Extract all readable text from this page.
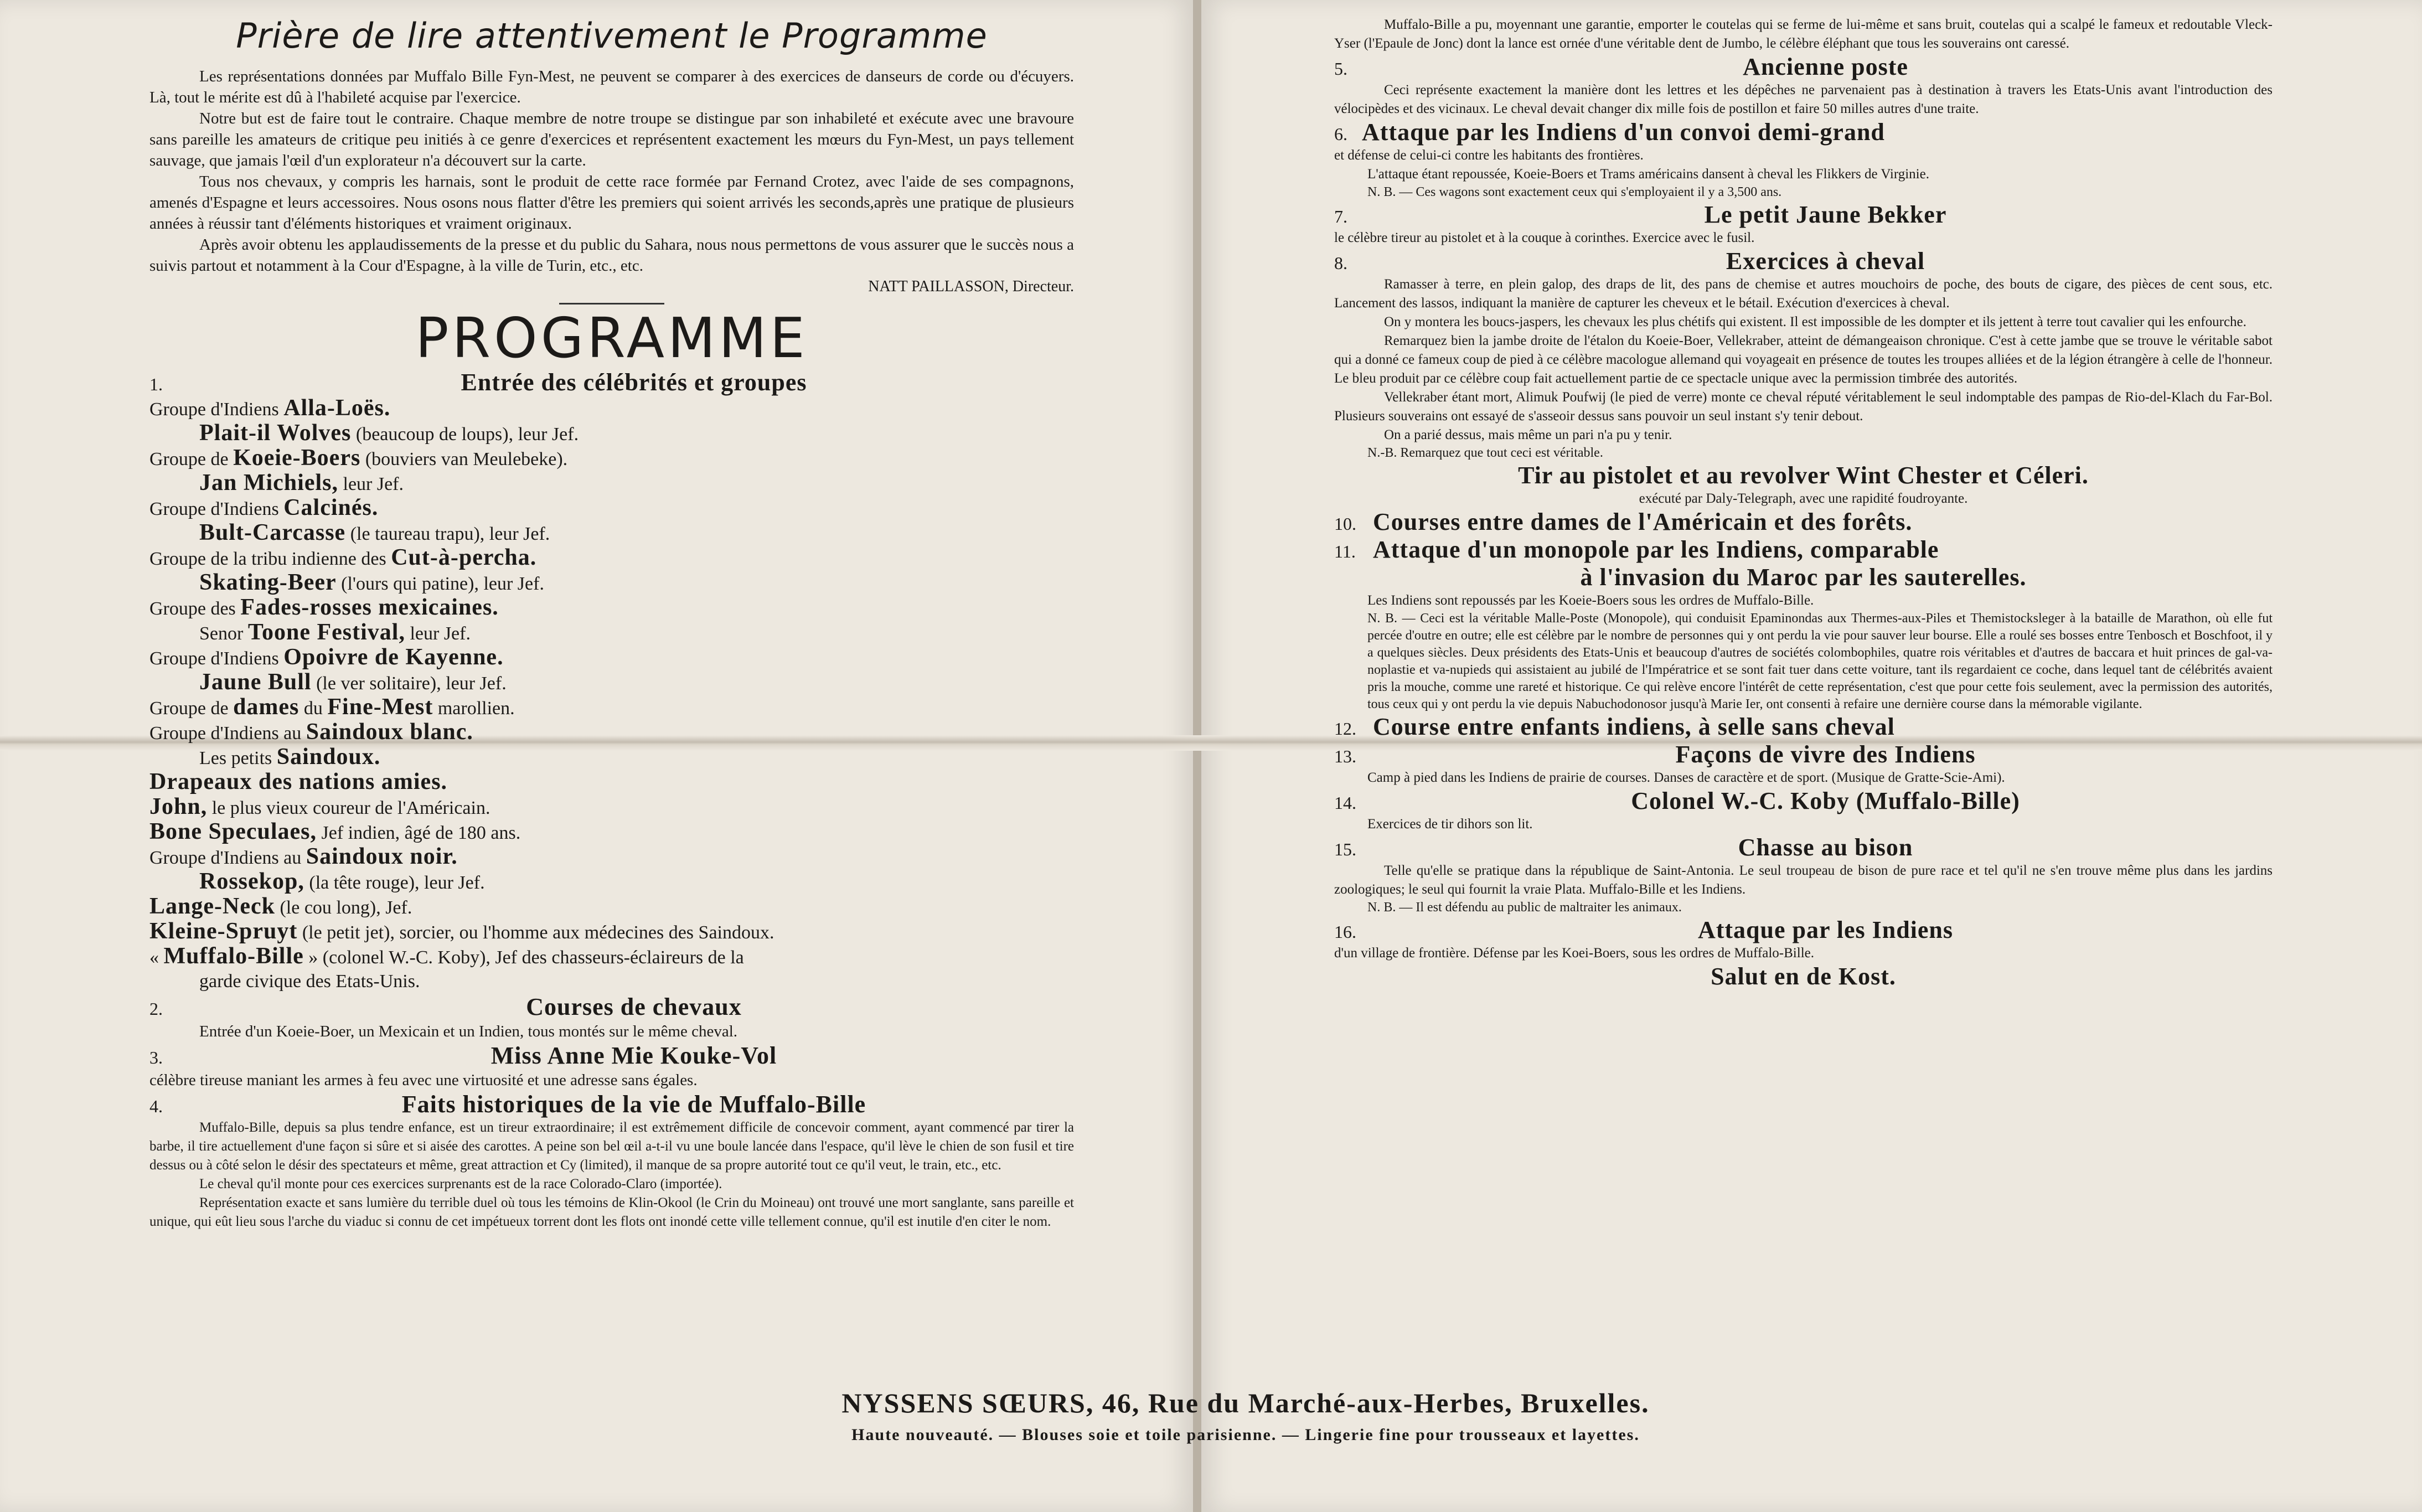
Prière de lire attentivement le Programme

Les représentations données par Muffalo Bille Fyn-Mest, ne peuvent se comparer à des exercices de danseurs de corde ou d'écuyers. Là, tout le mérite est dû à l'habileté acquise par l'exercice.

Notre but est de faire tout le contraire. Chaque membre de notre troupe se distingue par son inhabileté et exécute avec une bravoure sans pareille les amateurs de critique peu initiés à ce genre d'exercices et représentent exactement les mœurs du Fyn-Mest, un pays tellement sauvage, que jamais l'œil d'un explorateur n'a découvert sur la carte.

Tous nos chevaux, y compris les harnais, sont le produit de cette race formée par Fernand Crotez, avec l'aide de ses compagnons, amenés d'Espagne et leurs accessoires. Nous osons nous flatter d'être les premiers qui soient arrivés les seconds,après une pratique de plusieurs années à réussir tant d'éléments historiques et vraiment originaux.

Après avoir obtenu les applaudissements de la presse et du public du Sahara, nous nous permettons de vous assurer que le succès nous a suivis partout et notamment à la Cour d'Espagne, à la ville de Turin, etc., etc.

NATT PAILLASSON, Directeur.

PROGRAMME
1.	Entrée des célébrités et groupes
Groupe d'Indiens Alla-Loës.
Plait-il Wolves (beaucoup de loups), leur Jef.
Groupe de Koeie-Boers (bouviers van Meulebeke).
Jan Michiels, leur Jef.
Groupe d'Indiens Calcinés.
Bult-Carcasse (le taureau trapu), leur Jef.
Groupe de la tribu indienne des Cut-à-percha.
Skating-Beer (l'ours qui patine), leur Jef.
Groupe des Fades-rosses mexicaines.
Senor Toone Festival, leur Jef.
Groupe d'Indiens Opoivre de Kayenne.
Jaune Bull (le ver solitaire), leur Jef.
Groupe de dames du Fine-Mest marollien.
Groupe d'Indiens au Saindoux blanc.
Les petits Saindoux.
Drapeaux des nations amies.
John, le plus vieux coureur de l'Américain.
Bone Speculaes, Jef indien, âgé de 180 ans.
Groupe d'Indiens au Saindoux noir.
Rossekop, (la tête rouge), leur Jef.
Lange-Neck (le cou long), Jef.
Kleine-Spruyt (le petit jet), sorcier, ou l'homme aux médecines des Saindoux.
« Muffalo-Bille » (colonel W.-C. Koby), Jef des chasseurs-éclaireurs de la
garde civique des Etats-Unis.
2.	Courses de chevaux

Entrée d'un Koeie-Boer, un Mexicain et un Indien, tous montés sur le même cheval.

3.	Miss Anne Mie Kouke-Vol

célèbre tireuse maniant les armes à feu avec une virtuosité et une adresse sans égales.

4.	Faits historiques de la vie de Muffalo-Bille

Muffalo-Bille, depuis sa plus tendre enfance, est un tireur extraordinaire; il est extrêmement difficile de concevoir comment, ayant commencé par tirer la barbe, il tire actuellement d'une façon si sûre et si aisée des carottes. A peine son bel œil a-t-il vu une boule lancée dans l'espace, qu'il lève le chien de son fusil et tire dessus ou à côté selon le désir des spectateurs et même, great attraction et Cy (limited), il manque de sa propre autorité tout ce qu'il veut, le train, etc., etc.

Le cheval qu'il monte pour ces exercices surprenants est de la race Colorado-Claro (importée).

Représentation exacte et sans lumière du terrible duel où tous les témoins de Klin-Okool (le Crin du Moineau) ont trouvé une mort sanglante, sans pareille et unique, qui eût lieu sous l'arche du viaduc si connu de cet impétueux torrent dont les flots ont inondé cette ville tellement connue, qu'il est inutile d'en citer le nom.

Muffalo-Bille a pu, moyennant une garantie, emporter le coutelas qui se ferme de lui-même et sans bruit, coutelas qui a scalpé le fameux et redoutable Vleck-Yser (l'Epaule de Jonc) dont la lance est ornée d'une véritable dent de Jumbo, le célèbre éléphant que tous les souverains ont caressé.

5.	Ancienne poste

Ceci représente exactement la manière dont les lettres et les dépêches ne parvenaient pas à destination à travers les Etats-Unis avant l'introduction des vélocipèdes et des vicinaux. Le cheval devait changer dix mille fois de postillon et faire 50 milles autres d'une traite.

6. Attaque par les Indiens d'un convoi demi-grand

et défense de celui-ci contre les habitants des frontières.

L'attaque étant repoussée, Koeie-Boers et Trams américains dansent à cheval les Flikkers de Virginie.

N. B. — Ces wagons sont exactement ceux qui s'employaient il y a 3,500 ans.

7.	Le petit Jaune Bekker

le célèbre tireur au pistolet et à la couque à corinthes. Exercice avec le fusil.

8.	Exercices à cheval

Ramasser à terre, en plein galop, des draps de lit, des pans de chemise et autres mouchoirs de poche, des bouts de cigare, des pièces de cent sous, etc. Lancement des lassos, indiquant la manière de capturer les cheveux et le bétail. Exécution d'exercices à cheval.

On y montera les boucs-jaspers, les chevaux les plus chétifs qui existent. Il est impossible de les dompter et ils jettent à terre tout cavalier qui les enfourche.

Remarquez bien la jambe droite de l'étalon du Koeie-Boer, Vellekraber, atteint de démangeaison chronique. C'est à cette jambe que se trouve le véritable sabot qui a donné ce fameux coup de pied à ce célèbre macologue allemand qui voyageait en présence de toutes les troupes alliées et de la légion étrangère à celle de l'honneur. Le bleu produit par ce célèbre coup fait actuellement partie de ce spectacle unique avec la permission timbrée des autorités.

Vellekraber étant mort, Alimuk Poufwij (le pied de verre) monte ce cheval réputé véritablement le seul indomptable des pampas de Rio-del-Klach du Far-Bol. Plusieurs souverains ont essayé de s'asseoir dessus sans pouvoir un seul instant s'y tenir debout.

On a parié dessus, mais même un pari n'a pu y tenir.

N.-B. Remarquez que tout ceci est véritable.

Tir au pistolet et au revolver Wint Chester et Céleri.

exécuté par Daly-Telegraph, avec une rapidité foudroyante.

10. Courses entre dames de l'Américain et des forêts.
11. Attaque d'un monopole par les Indiens, comparable
à l'invasion du Maroc par les sauterelles.

Les Indiens sont repoussés par les Koeie-Boers sous les ordres de Muffalo-Bille.

N. B. — Ceci est la véritable Malle-Poste (Monopole), qui conduisit Epaminondas aux Thermes-aux-Piles et Themistocksleger à la bataille de Marathon, où elle fut percée d'outre en outre; elle est célèbre par le nombre de personnes qui y ont perdu la vie pour sauver leur bourse. Elle a roulé ses bosses entre Tenbosch et Boschfoot, il y a quelques siècles. Deux présidents des Etats-Unis et beaucoup d'autres de sociétés colombophiles, quatre rois véritables et d'autres de baccara et huit princes de gal-va-noplastie et va-nupieds qui assistaient au jubilé de l'Impératrice et se sont fait tuer dans cette voiture, tant ils regardaient ce coche, dans lequel tant de célébrités avaient pris la mouche, comme une rareté et historique. Ce qui relève encore l'intérêt de cette représentation, c'est que pour cette fois seulement, avec la permission des autorités, tous ceux qui y ont perdu la vie depuis Nabuchodonosor jusqu'à Marie Ier, ont consenti à refaire une dernière course dans la mémorable vigilante.

12. Course entre enfants indiens, à selle sans cheval
13.	Façons de vivre des Indiens

Camp à pied dans les Indiens de prairie de courses. Danses de caractère et de sport. (Musique de Gratte-Scie-Ami).

14.	Colonel W.-C. Koby (Muffalo-Bille)

Exercices de tir dihors son lit.

15.	Chasse au bison

Telle qu'elle se pratique dans la république de Saint-Antonia. Le seul troupeau de bison de pure race et tel qu'il ne s'en trouve même plus dans les jardins zoologiques; le seul qui fournit la vraie Plata. Muffalo-Bille et les Indiens.

N. B. — Il est défendu au public de maltraiter les animaux.

16.	Attaque par les Indiens

d'un village de frontière. Défense par les Koei-Boers, sous les ordres de Muffalo-Bille.

Salut en de Kost.
NYSSENS SŒURS, 46, Rue du Marché-aux-Herbes, Bruxelles.
Haute nouveauté. — Blouses soie et toile parisienne. — Lingerie fine pour trousseaux et layettes.
